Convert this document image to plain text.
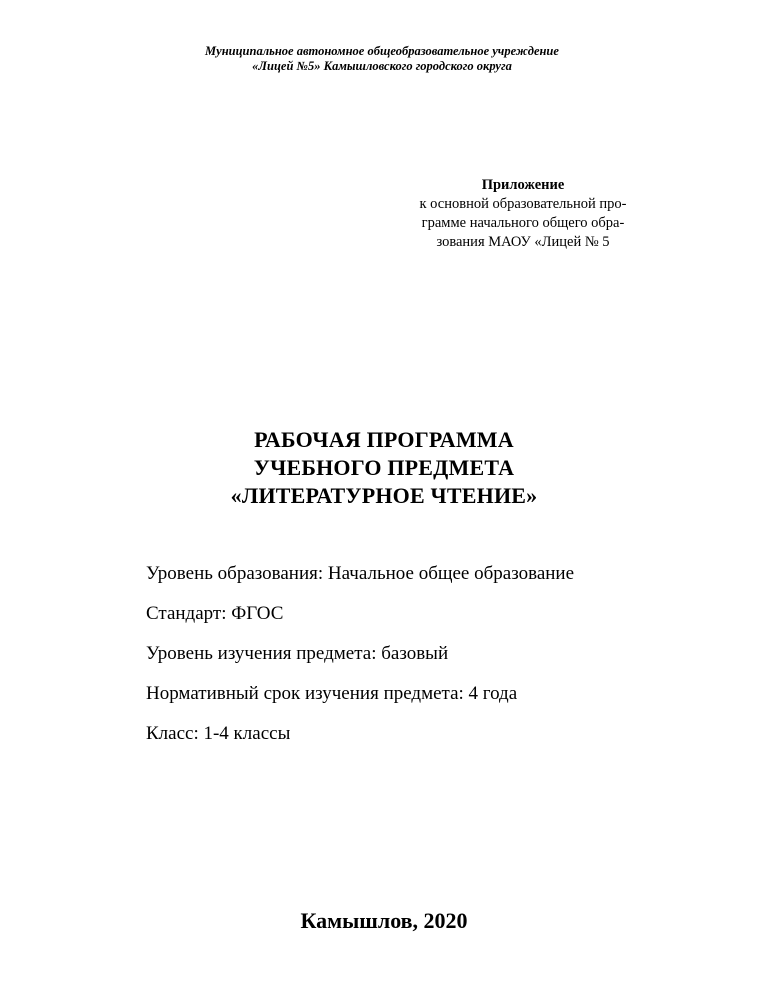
Муниципальное автономное общеобразовательное учреждение
«Лицей №5» Камышловского городского округа
Приложение
к основной образовательной про-
грамме начального общего обра-
зования МАОУ «Лицей № 5
РАБОЧАЯ ПРОГРАММА
УЧЕБНОГО ПРЕДМЕТА
«ЛИТЕРАТУРНОЕ ЧТЕНИЕ»
Уровень образования: Начальное общее образование
Стандарт: ФГОС
Уровень изучения предмета: базовый
Нормативный срок изучения предмета: 4 года
Класс: 1-4 классы
Камышлов, 2020
